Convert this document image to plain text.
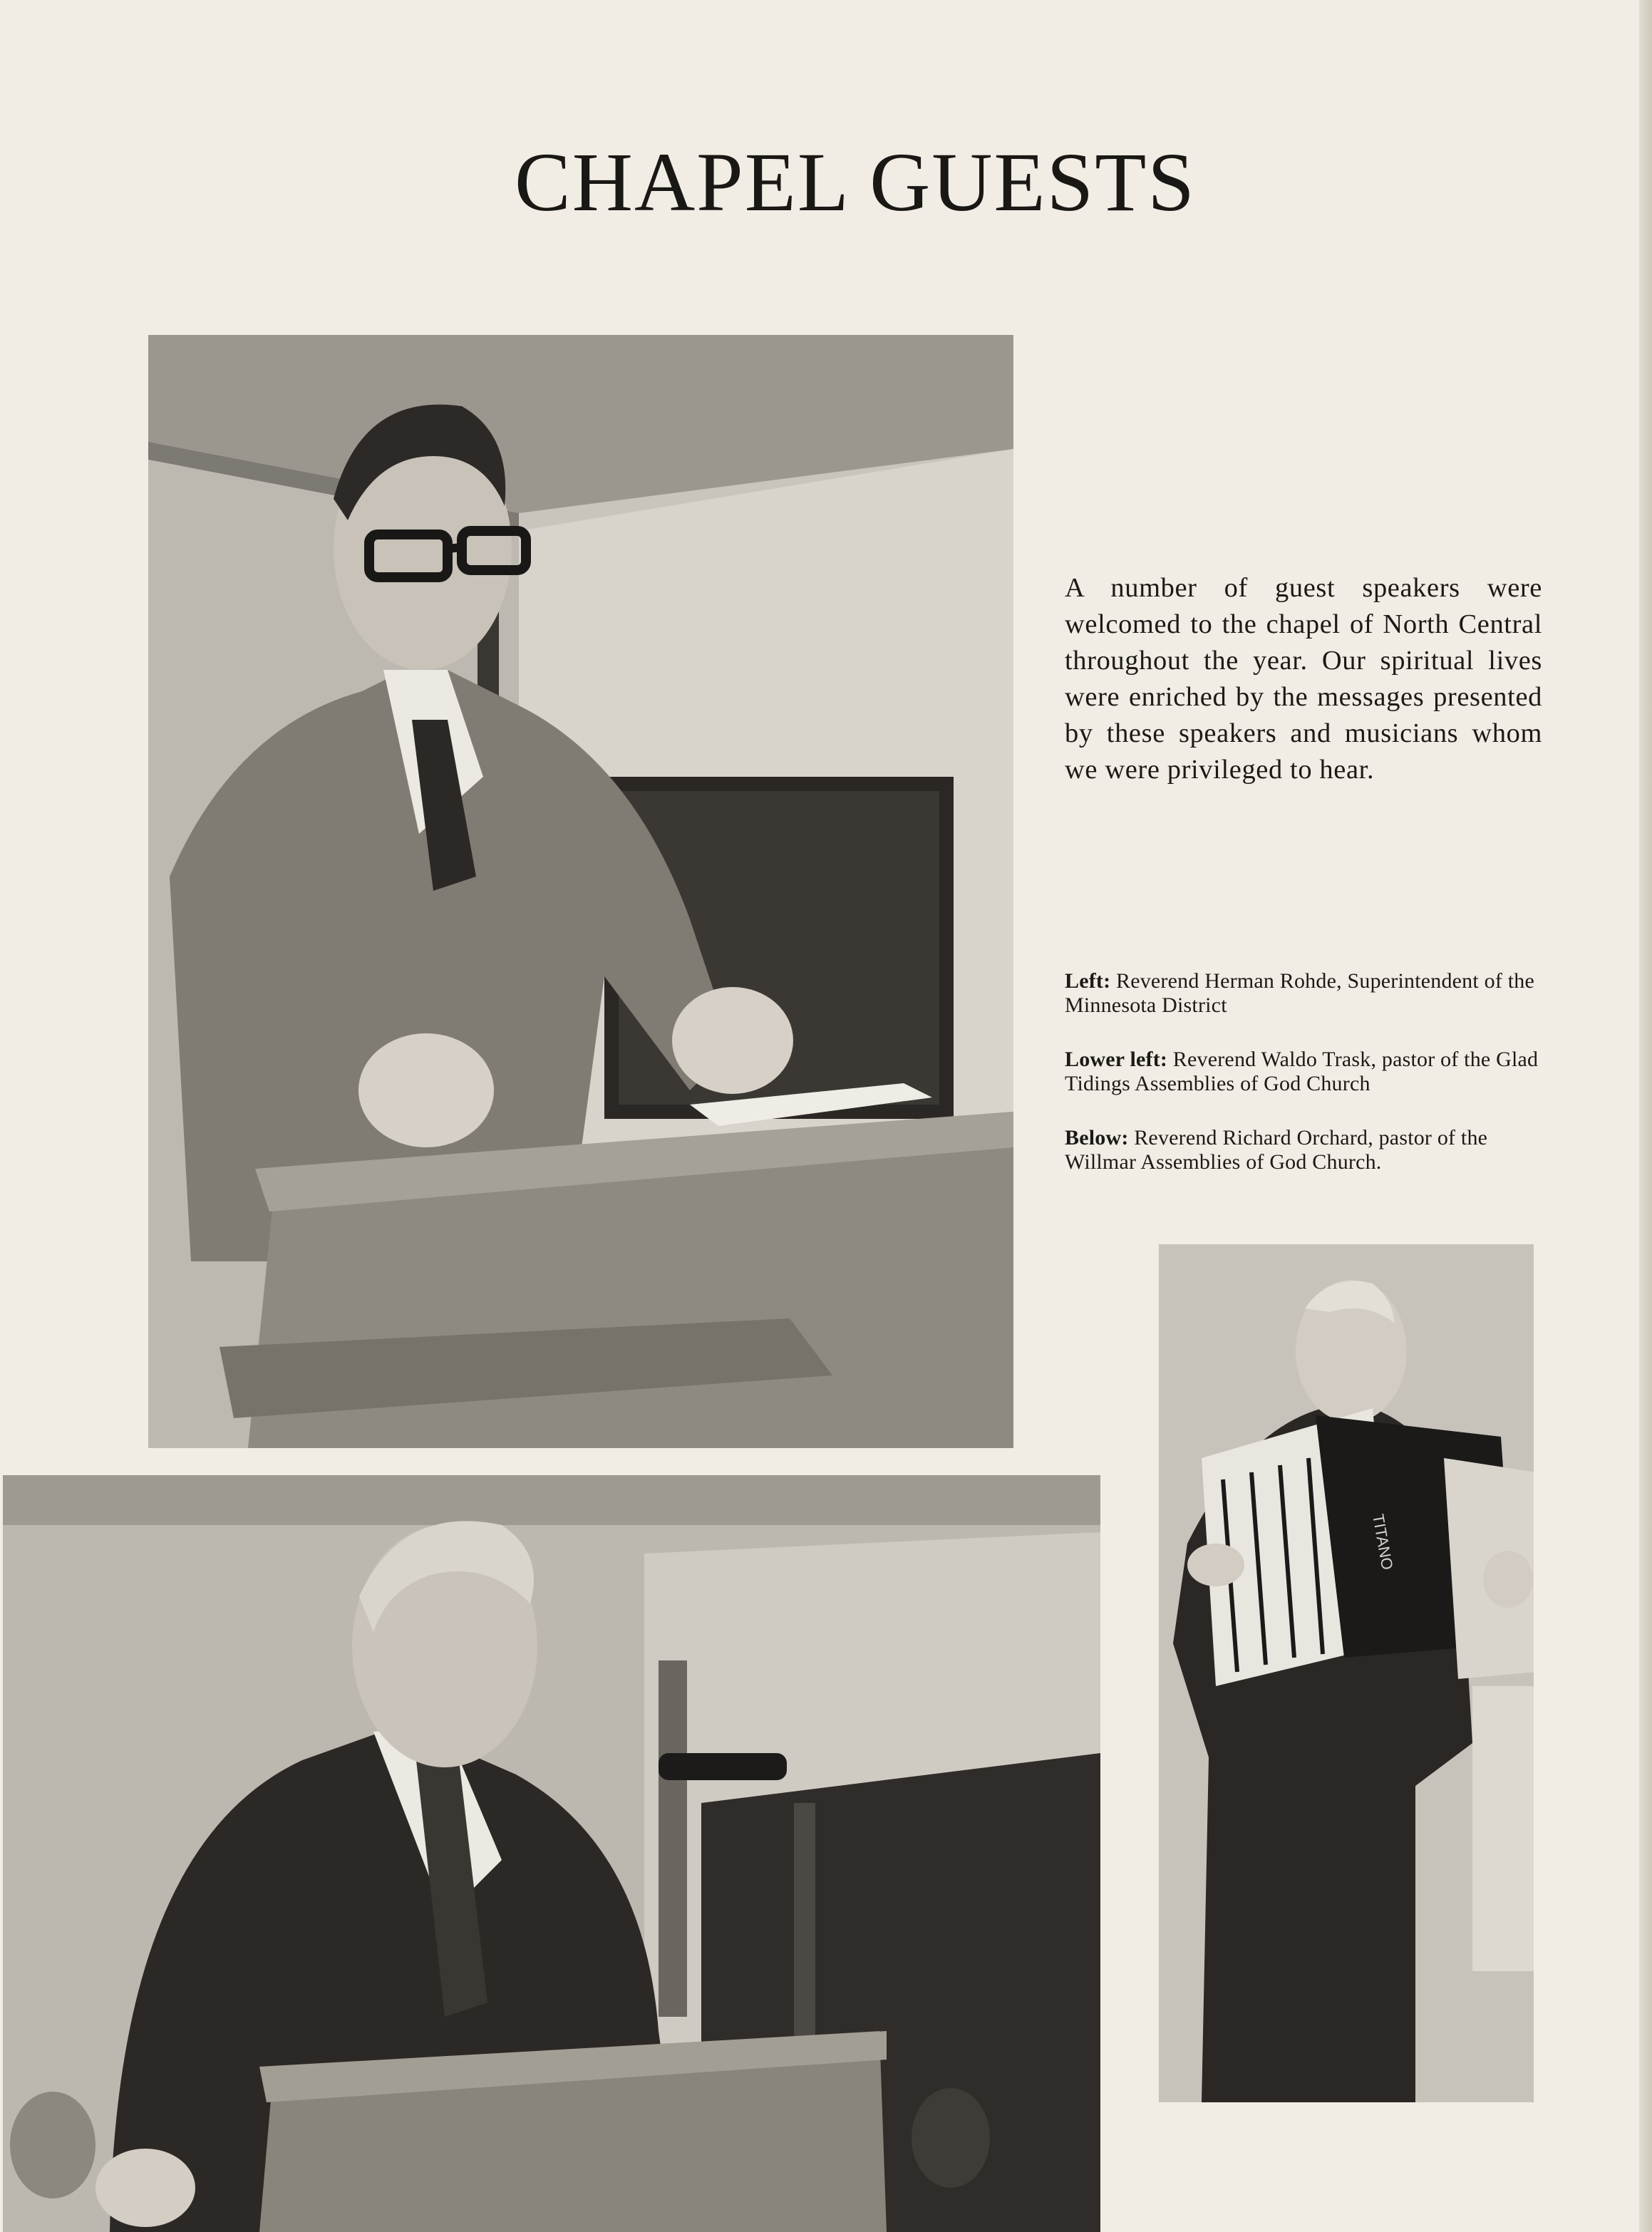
CHAPEL GUESTS
TITANO

A number of guest speakers were welcomed to the chapel of North Central throughout the year. Our spiritual lives were enriched by the messages presented by these speakers and musicians whom we were privileged to hear.

Left: Reverend Herman Rohde, Superintendent of the Minnesota District

Lower left: Reverend Waldo Trask, pastor of the Glad Tidings Assemblies of God Church

Below: Reverend Richard Orchard, pastor of the Willmar Assemblies of God Church.
